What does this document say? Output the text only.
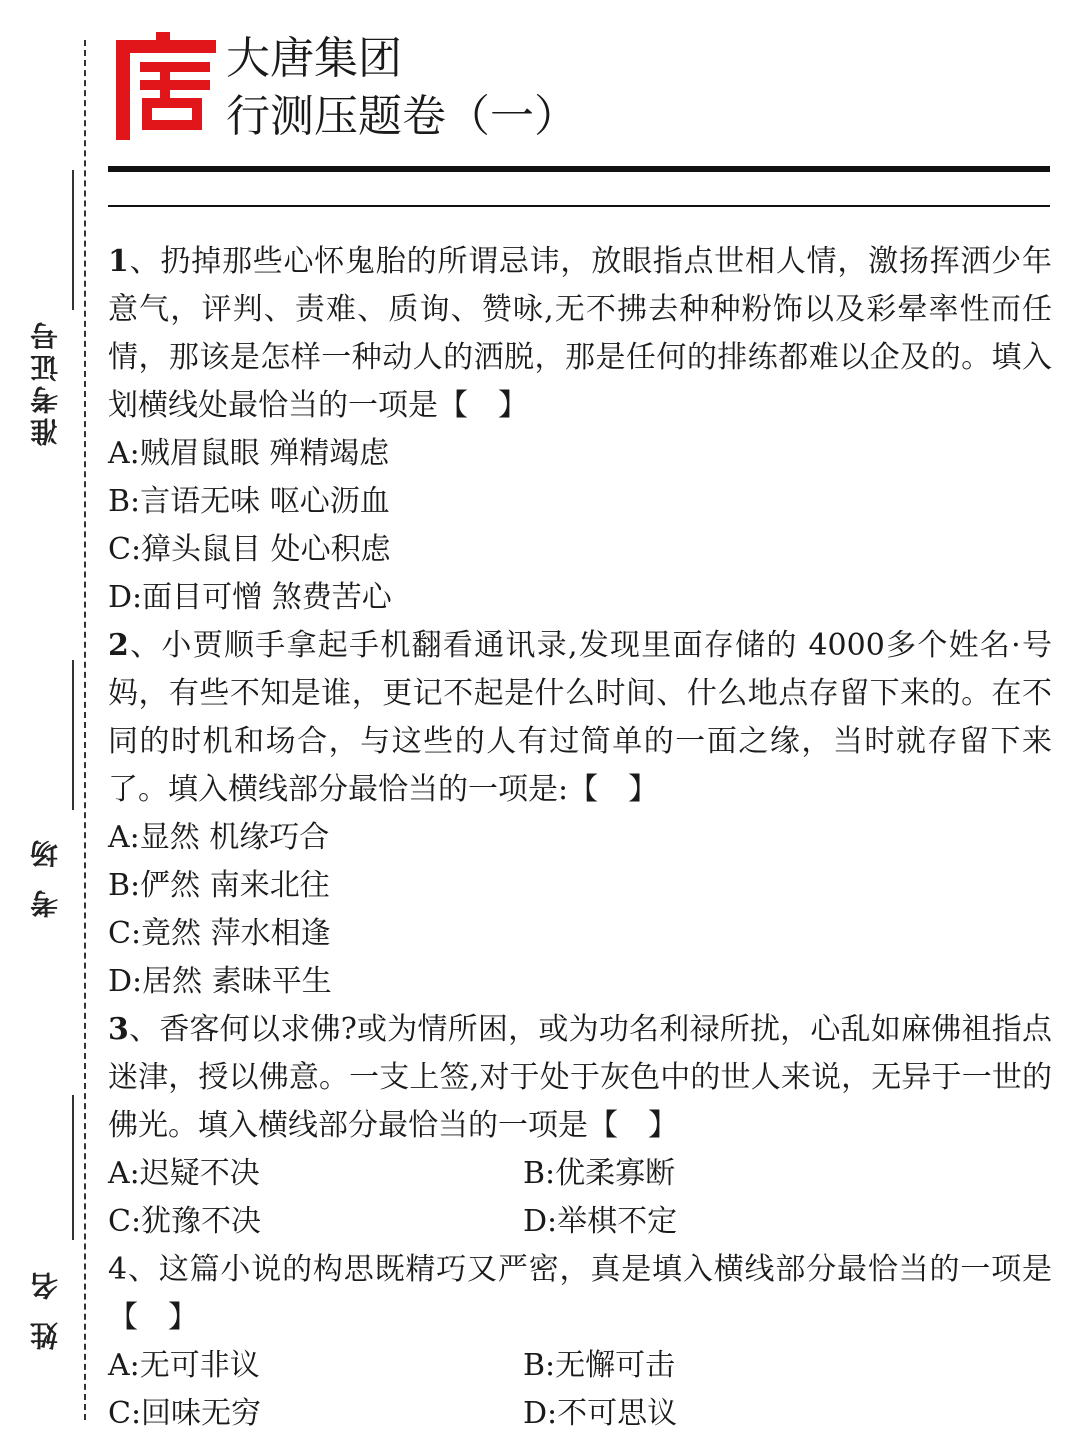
准考证号
考场
姓名
大唐集团
行测压题卷（一）
1、扔掉那些心怀鬼胎的所谓忌讳，放眼指点世相人情，激扬挥洒少年意气，评判、责难、质询、赞咏,无不拂去种种粉饰以及彩晕率性而任情，那该是怎样一种动人的洒脱，那是任何的排练都难以企及的。填入划横线处最恰当的一项是【　】
A:贼眉鼠眼 殚精竭虑
B:言语无味 呕心沥血
C:獐头鼠目 处心积虑
D:面目可憎 煞费苦心
2、小贾顺手拿起手机翻看通讯录,发现里面存储的 4000多个姓名·号妈，有些不知是谁，更记不起是什么时间、什么地点存留下来的。在不同的时机和场合，与这些的人有过简单的一面之缘，当时就存留下来了。填入横线部分最恰当的一项是:【　】
A:显然 机缘巧合
B:俨然 南来北往
C:竟然 萍水相逢
D:居然 素昧平生
3、香客何以求佛?或为情所困，或为功名利禄所扰，心乱如麻佛祖指点迷津，授以佛意。一支上签,对于处于灰色中的世人来说，无异于一世的佛光。填入横线部分最恰当的一项是【　】
A:迟疑不决	B:优柔寡断
C:犹豫不决	D:举棋不定
4、这篇小说的构思既精巧又严密，真是填入横线部分最恰当的一项是【　】
A:无可非议	B:无懈可击
C:回味无穷	D:不可思议
